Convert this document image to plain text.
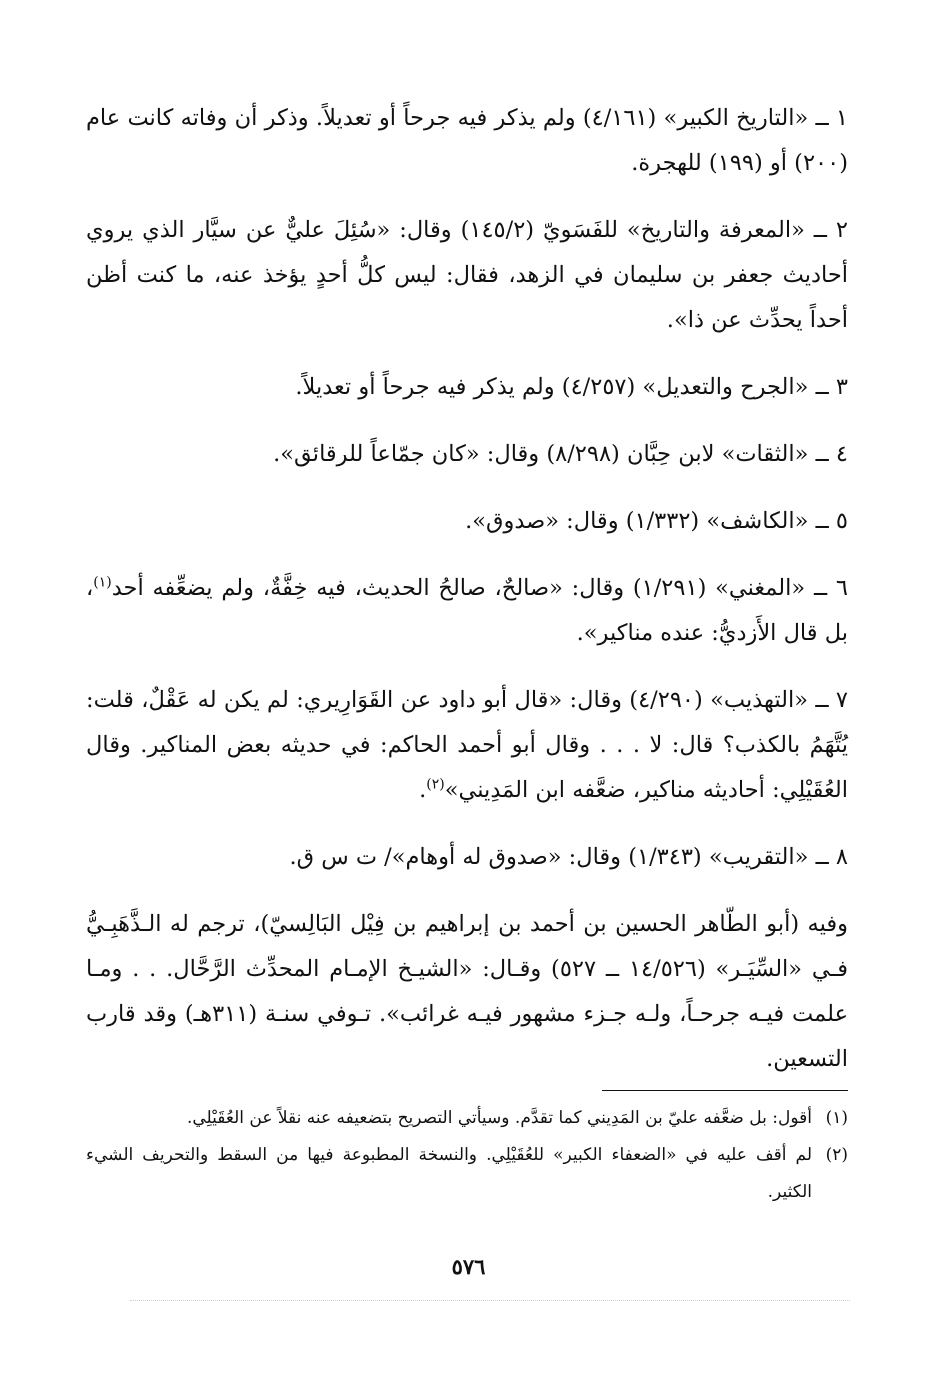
١ ــ «التاريخ الكبير» (٤/١٦١) ولم يذكر فيه جرحاً أو تعديلاً. وذكر أن وفاته كانت عام (٢٠٠) أو (١٩٩) للهجرة.

٢ ــ «المعرفة والتاريخ» للفَسَويّ (١٤٥/٢) وقال: «سُئِلَ عليٌّ عن سيَّار الذي يروي أحاديث جعفر بن سليمان في الزهد، فقال: ليس كلُّ أحدٍ يؤخذ عنه، ما كنت أظن أحداً يحدِّث عن ذا».

٣ ــ «الجرح والتعديل» (٤/٢٥٧) ولم يذكر فيه جرحاً أو تعديلاً.

٤ ــ «الثقات» لابن حِبَّان (٨/٢٩٨) وقال: «كان جمّاعاً للرقائق».

٥ ــ «الكاشف» (١/٣٣٢) وقال: «صدوق».

٦ ــ «المغني» (١/٢٩١) وقال: «صالحٌ، صالحُ الحديث، فيه خِفَّةٌ، ولم يضعِّفه أحد$^{(١)}$، بل قال الأَزديُّ: عنده مناكير».

٧ ــ «التهذيب» (٤/٢٩٠) وقال: «قال أبو داود عن القَوَارِيري: لم يكن له عَقْلٌ، قلت: يُتَّهَمُ بالكذب؟ قال: لا . . . وقال أبو أحمد الحاكم: في حديثه بعض المناكير. وقال العُقَيْلِي: أحاديثه مناكير، ضعَّفه ابن المَدِيني»$^{(٢)}$.

٨ ــ «التقريب» (١/٣٤٣) وقال: «صدوق له أوهام»/ ت س ق.

وفيه (أبو الطّاهر الحسين بن أحمد بن إبراهيم بن فِيْل البَالِسيّ)، ترجم له الـذَّهَبِـيُّ فـي «السِّيَـر» (١٤/٥٢٦ ــ ٥٢٧) وقـال: «الشيـخ الإمـام المحدِّث الرَّحَّال. . . ومـا علمت فيـه جرحـاً، ولـه جـزء مشهور فيـه غرائب». تـوفي سنـة (٣١١هـ) وقد قارب التسعين.

(١)
أقول: بل ضعَّفه عليّ بن المَدِيني كما تقدَّم. وسيأتي التصريح بتضعيفه عنه نقلاً عن العُقَيْلِي.
(٢)
لم أقف عليه في «الضعفاء الكبير» للعُقَيْلِي. والنسخة المطبوعة فيها من السقط والتحريف الشيء الكثير.
٥٧٦
